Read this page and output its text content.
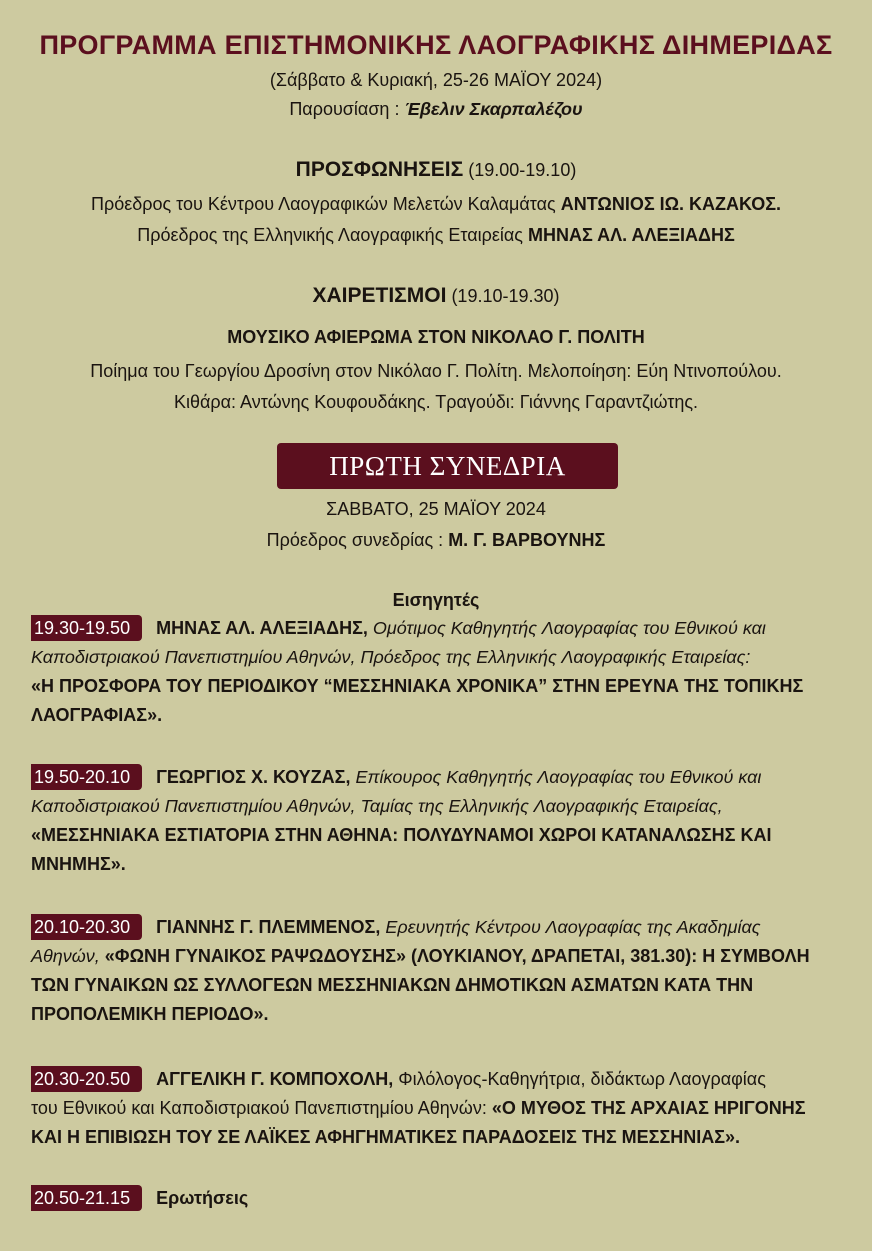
ΠΡΟΓΡΑΜΜΑ ΕΠΙΣΤΗΜΟΝΙΚΗΣ ΛΑΟΓΡΑΦΙΚΗΣ ΔΙΗΜΕΡΙΔΑΣ
(Σάββατο & Κυριακή, 25-26 ΜΑΪΟΥ 2024)
Παρουσίαση : Έβελιν Σκαρπαλέζου
ΠΡΟΣΦΩΝΗΣΕΙΣ (19.00-19.10)
Πρόεδρος του Κέντρου Λαογραφικών Μελετών Καλαμάτας ΑΝΤΩΝΙΟΣ ΙΩ. ΚΑΖΑΚΟΣ.
Πρόεδρος της Ελληνικής Λαογραφικής Εταιρείας ΜΗΝΑΣ ΑΛ. ΑΛΕΞΙΑΔΗΣ
ΧΑΙΡΕΤΙΣΜΟΙ (19.10-19.30)
ΜΟΥΣΙΚΟ ΑΦΙΕΡΩΜΑ ΣΤΟΝ ΝΙΚΟΛΑΟ Γ. ΠΟΛΙΤΗ
Ποίημα του Γεωργίου Δροσίνη στον Νικόλαο Γ. Πολίτη. Μελοποίηση: Εύη Ντινοπούλου.
Κιθάρα: Αντώνης Κουφουδάκης. Τραγούδι: Γιάννης Γαραντζιώτης.
ΠΡΩΤΗ ΣΥΝΕΔΡΙΑ
ΣΑΒΒΑΤΟ, 25 ΜΑΪΟΥ 2024
Πρόεδρος συνεδρίας : Μ. Γ. ΒΑΡΒΟΥΝΗΣ
Εισηγητές
19.30-19.50 ΜΗΝΑΣ ΑΛ. ΑΛΕΞΙΑΔΗΣ, Ομότιμος Καθηγητής Λαογραφίας του Εθνικού και
Καποδιστριακού Πανεπιστημίου Αθηνών, Πρόεδρος της Ελληνικής Λαογραφικής Εταιρείας:
«Η ΠΡΟΣΦΟΡΑ ΤΟΥ ΠΕΡΙΟΔΙΚΟΥ “ΜΕΣΣΗΝΙΑΚΑ ΧΡΟΝΙΚΑ” ΣΤΗΝ ΕΡΕΥΝΑ ΤΗΣ ΤΟΠΙΚΗΣ
ΛΑΟΓΡΑΦΙΑΣ».
19.50-20.10 ΓΕΩΡΓΙΟΣ Χ. ΚΟΥΖΑΣ, Επίκουρος Καθηγητής Λαογραφίας του Εθνικού και
Καποδιστριακού Πανεπιστημίου Αθηνών, Ταμίας της Ελληνικής Λαογραφικής Εταιρείας,
«ΜΕΣΣΗΝΙΑΚΑ ΕΣΤΙΑΤΟΡΙΑ ΣΤΗΝ ΑΘΗΝΑ: ΠΟΛΥΔΥΝΑΜΟΙ ΧΩΡΟΙ ΚΑΤΑΝΑΛΩΣΗΣ ΚΑΙ
ΜΝΗΜΗΣ».
20.10-20.30 ΓΙΑΝΝΗΣ Γ. ΠΛΕΜΜΕΝΟΣ, Ερευνητής Κέντρου Λαογραφίας της Ακαδημίας
Αθηνών, «ΦΩΝΗ ΓΥΝΑΙΚΟΣ ΡΑΨΩΔΟΥΣΗΣ» (ΛΟΥΚΙΑΝΟΥ, ΔΡΑΠΕΤΑΙ, 381.30): Η ΣΥΜΒΟΛΗ
ΤΩΝ ΓΥΝΑΙΚΩΝ ΩΣ ΣΥΛΛΟΓΕΩΝ ΜΕΣΣΗΝΙΑΚΩΝ ΔΗΜΟΤΙΚΩΝ ΑΣΜΑΤΩΝ ΚΑΤΑ ΤΗΝ
ΠΡΟΠΟΛΕΜΙΚΗ ΠΕΡΙΟΔΟ».
20.30-20.50 ΑΓΓΕΛΙΚΗ Γ. ΚΟΜΠΟΧΟΛΗ, Φιλόλογος-Καθηγήτρια, διδάκτωρ Λαογραφίας
του Εθνικού και Καποδιστριακού Πανεπιστημίου Αθηνών: «Ο ΜΥΘΟΣ ΤΗΣ ΑΡΧΑΙΑΣ ΗΡΙΓΟΝΗΣ
ΚΑΙ Η ΕΠΙΒΙΩΣΗ ΤΟΥ ΣΕ ΛΑΪΚΕΣ ΑΦΗΓΗΜΑΤΙΚΕΣ ΠΑΡΑΔΟΣΕΙΣ ΤΗΣ ΜΕΣΣΗΝΙΑΣ».
20.50-21.15 Ερωτήσεις
